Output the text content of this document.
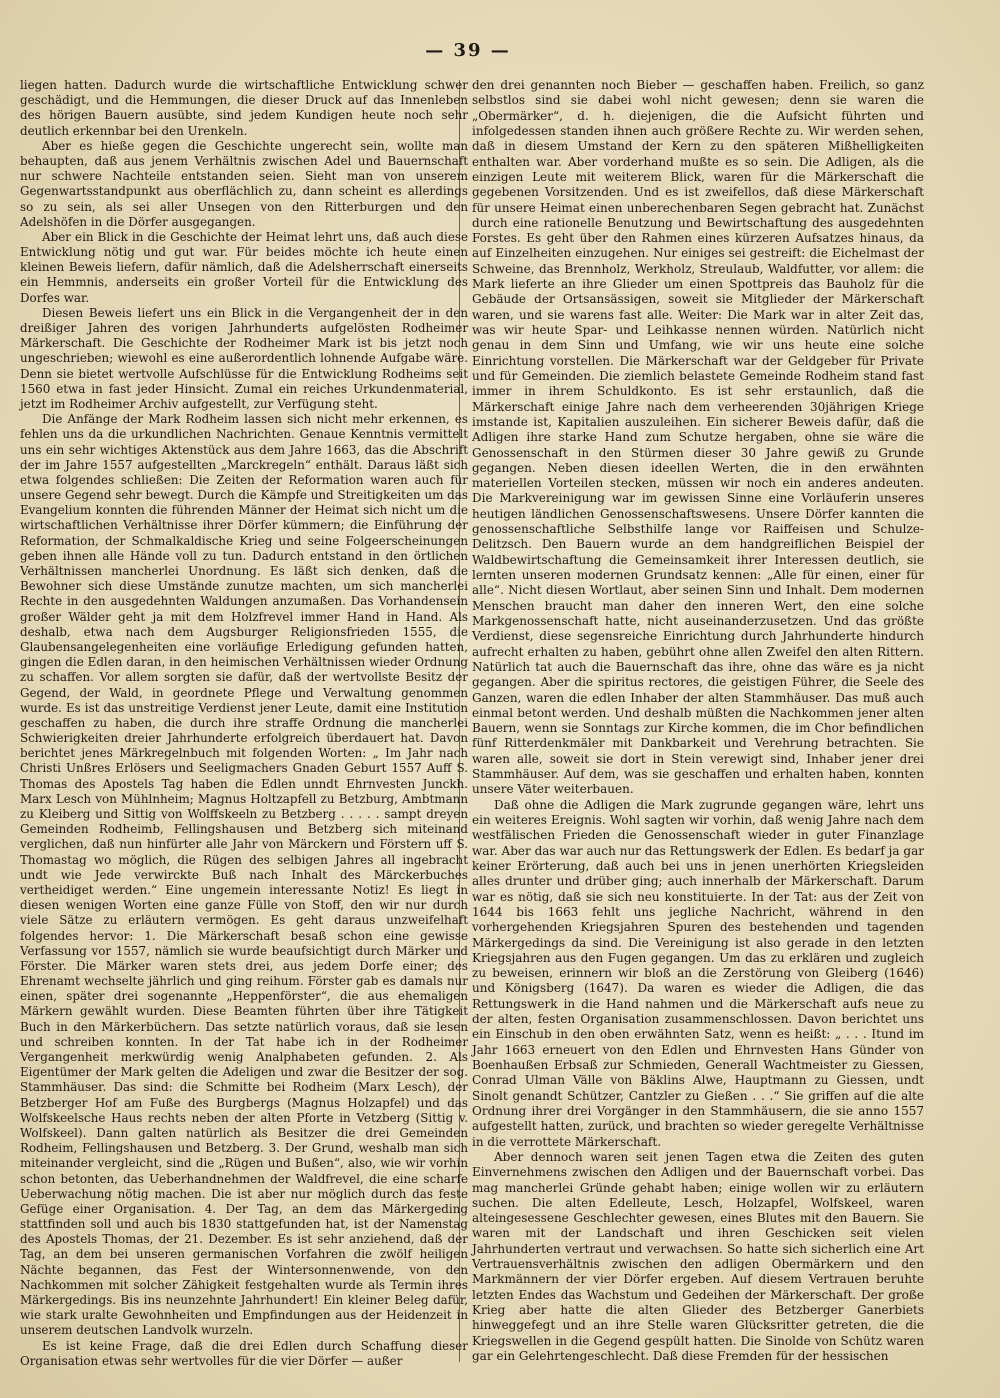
— 39 —

liegen hatten. Dadurch wurde die wirtschaftliche Entwicklung schwer geschädigt, und die Hemmungen, die dieser Druck auf das Innenleben des hörigen Bauern ausübte, sind jedem Kundigen heute noch sehr deutlich erkennbar bei den Urenkeln.

Aber es hieße gegen die Geschichte ungerecht sein, wollte man behaupten, daß aus jenem Verhältnis zwischen Adel und Bauernschaft nur schwere Nachteile entstanden seien. Sieht man von unserem Gegenwartsstandpunkt aus oberflächlich zu, dann scheint es allerdings so zu sein, als sei aller Unsegen von den Ritterburgen und den Adelshöfen in die Dörfer ausgegangen.

Aber ein Blick in die Geschichte der Heimat lehrt uns, daß auch diese Entwicklung nötig und gut war. Für beides möchte ich heute einen kleinen Beweis liefern, dafür nämlich, daß die Adelsherrschaft einerseits ein Hemmnis, anderseits ein großer Vorteil für die Entwicklung des Dorfes war.

Diesen Beweis liefert uns ein Blick in die Vergangenheit der in den dreißiger Jahren des vorigen Jahrhunderts aufgelösten Rodheimer Märkerschaft. Die Geschichte der Rodheimer Mark ist bis jetzt noch ungeschrieben; wiewohl es eine außerordentlich lohnende Aufgabe wäre. Denn sie bietet wertvolle Aufschlüsse für die Entwicklung Rodheims seit 1560 etwa in fast jeder Hinsicht. Zumal ein reiches Urkundenmaterial, jetzt im Rodheimer Archiv aufgestellt, zur Verfügung steht.

Die Anfänge der Mark Rodheim lassen sich nicht mehr erkennen, es fehlen uns da die urkundlichen Nachrichten. Genaue Kenntnis vermittelt uns ein sehr wichtiges Aktenstück aus dem Jahre 1663, das die Abschrift der im Jahre 1557 aufgestellten „Marckregeln“ enthält. Daraus läßt sich etwa folgendes schließen: Die Zeiten der Reformation waren auch für unsere Gegend sehr bewegt. Durch die Kämpfe und Streitigkeiten um das Evangelium konnten die führenden Männer der Heimat sich nicht um die wirtschaftlichen Verhältnisse ihrer Dörfer kümmern; die Einführung der Reformation, der Schmalkaldische Krieg und seine Folgeerscheinungen geben ihnen alle Hände voll zu tun. Dadurch entstand in den örtlichen Verhältnissen mancherlei Unordnung. Es läßt sich denken, daß die Bewohner sich diese Umstände zunutze machten, um sich mancherlei Rechte in den ausgedehnten Waldungen anzumaßen. Das Vorhandensein großer Wälder geht ja mit dem Holzfrevel immer Hand in Hand. Als deshalb, etwa nach dem Augsburger Religionsfrieden 1555, die Glaubensangelegenheiten eine vorläufige Erledigung gefunden hatten, gingen die Edlen daran, in den heimischen Verhältnissen wieder Ordnung zu schaffen. Vor allem sorgten sie dafür, daß der wertvollste Besitz der Gegend, der Wald, in geordnete Pflege und Verwaltung genommen wurde. Es ist das unstreitige Verdienst jener Leute, damit eine Institution geschaffen zu haben, die durch ihre straffe Ordnung die mancherlei Schwierigkeiten dreier Jahrhunderte erfolgreich überdauert hat. Davon berichtet jenes Märkregelnbuch mit folgenden Worten: „ Im Jahr nach Christi Unßres Erlösers und Seeligmachers Gnaden Geburt 1557 Auff S. Thomas des Apostels Tag haben die Edlen unndt Ehrnvesten Junckh. Marx Lesch von Mühlnheim; Magnus Holtzapfell zu Betzburg, Ambtmann zu Kleiberg und Sittig von Wolffskeeln zu Betzberg . . . . . sampt dreyen Gemeinden Rodheimb, Fellingshausen und Betzberg sich miteinand verglichen, daß nun hinfürter alle Jahr von Märckern und Förstern uff S. Thomastag wo möglich, die Rügen des selbigen Jahres all ingebracht undt wie Jede verwirckte Buß nach Inhalt des Märckerbuches vertheidiget werden.“ Eine ungemein interessante Notiz! Es liegt in diesen wenigen Worten eine ganze Fülle von Stoff, den wir nur durch viele Sätze zu erläutern vermögen. Es geht daraus unzweifelhaft folgendes hervor: 1. Die Märkerschaft besaß schon eine gewisse Verfassung vor 1557, nämlich sie wurde beaufsichtigt durch Märker und Förster. Die Märker waren stets drei, aus jedem Dorfe einer; des Ehrenamt wechselte jährlich und ging reihum. Förster gab es damals nur einen, später drei sogenannte „Heppenförster“, die aus ehemaligen Märkern gewählt wurden. Diese Beamten führten über ihre Tätigkeit Buch in den Märkerbüchern. Das setzte natürlich voraus, daß sie lesen und schreiben konnten. In der Tat habe ich in der Rodheimer Vergangenheit merkwürdig wenig Analphabeten gefunden. 2. Als Eigentümer der Mark gelten die Adeligen und zwar die Besitzer der sog. Stammhäuser. Das sind: die Schmitte bei Rodheim (Marx Lesch), der Betzberger Hof am Fuße des Burgbergs (Magnus Holzapfel) und das Wolfskeelsche Haus rechts neben der alten Pforte in Vetzberg (Sittig v. Wolfskeel). Dann galten natürlich als Besitzer die drei Gemeinden Rodheim, Fellingshausen und Betzberg. 3. Der Grund, weshalb man sich miteinander vergleicht, sind die „Rügen und Bußen“, also, wie wir vorhin schon betonten, das Ueberhandnehmen der Waldfrevel, die eine scharfe Ueberwachung nötig machen. Die ist aber nur möglich durch das feste Gefüge einer Organisation. 4. Der Tag, an dem das Märkergeding stattfinden soll und auch bis 1830 stattgefunden hat, ist der Namenstag des Apostels Thomas, der 21. Dezember. Es ist sehr anziehend, daß der Tag, an dem bei unseren germanischen Vorfahren die zwölf heiligen Nächte begannen, das Fest der Wintersonnenwende, von den Nachkommen mit solcher Zähigkeit festgehalten wurde als Termin ihres Märkergedings. Bis ins neunzehnte Jahrhundert! Ein kleiner Beleg dafür, wie stark uralte Gewohnheiten und Empfindungen aus der Heidenzeit in unserem deutschen Landvolk wurzeln.

Es ist keine Frage, daß die drei Edlen durch Schaffung dieser Organisation etwas sehr wertvolles für die vier Dörfer — außer

den drei genannten noch Bieber — geschaffen haben. Freilich, so ganz selbstlos sind sie dabei wohl nicht gewesen; denn sie waren die „Obermärker“, d. h. diejenigen, die die Aufsicht führten und infolgedessen standen ihnen auch größere Rechte zu. Wir werden sehen, daß in diesem Umstand der Kern zu den späteren Mißhelligkeiten enthalten war. Aber vorderhand mußte es so sein. Die Adligen, als die einzigen Leute mit weiterem Blick, waren für die Märkerschaft die gegebenen Vorsitzenden. Und es ist zweifellos, daß diese Märkerschaft für unsere Heimat einen unberechenbaren Segen gebracht hat. Zunächst durch eine rationelle Benutzung und Bewirtschaftung des ausgedehnten Forstes. Es geht über den Rahmen eines kürzeren Aufsatzes hinaus, da auf Einzelheiten einzugehen. Nur einiges sei gestreift: die Eichelmast der Schweine, das Brennholz, Werkholz, Streulaub, Waldfutter, vor allem: die Mark lieferte an ihre Glieder um einen Spottpreis das Bauholz für die Gebäude der Ortsansässigen, soweit sie Mitglieder der Märkerschaft waren, und sie warens fast alle. Weiter: Die Mark war in alter Zeit das, was wir heute Spar- und Leihkasse nennen würden. Natürlich nicht genau in dem Sinn und Umfang, wie wir uns heute eine solche Einrichtung vorstellen. Die Märkerschaft war der Geldgeber für Private und für Gemeinden. Die ziemlich belastete Gemeinde Rodheim stand fast immer in ihrem Schuldkonto. Es ist sehr erstaunlich, daß die Märkerschaft einige Jahre nach dem verheerenden 30jährigen Kriege imstande ist, Kapitalien auszuleihen. Ein sicherer Beweis dafür, daß die Adligen ihre starke Hand zum Schutze hergaben, ohne sie wäre die Genossenschaft in den Stürmen dieser 30 Jahre gewiß zu Grunde gegangen. Neben diesen ideellen Werten, die in den erwähnten materiellen Vorteilen stecken, müssen wir noch ein anderes andeuten. Die Markvereinigung war im gewissen Sinne eine Vorläuferin unseres heutigen ländlichen Genossenschaftswesens. Unsere Dörfer kannten die genossenschaftliche Selbsthilfe lange vor Raiffeisen und Schulze-Delitzsch. Den Bauern wurde an dem handgreiflichen Beispiel der Waldbewirtschaftung die Gemeinsamkeit ihrer Interessen deutlich, sie lernten unseren modernen Grundsatz kennen: „Alle für einen, einer für alle“. Nicht diesen Wortlaut, aber seinen Sinn und Inhalt. Dem modernen Menschen braucht man daher den inneren Wert, den eine solche Markgenossenschaft hatte, nicht auseinanderzusetzen. Und das größte Verdienst, diese segensreiche Einrichtung durch Jahrhunderte hindurch aufrecht erhalten zu haben, gebührt ohne allen Zweifel den alten Rittern. Natürlich tat auch die Bauernschaft das ihre, ohne das wäre es ja nicht gegangen. Aber die spiritus rectores, die geistigen Führer, die Seele des Ganzen, waren die edlen Inhaber der alten Stammhäuser. Das muß auch einmal betont werden. Und deshalb müßten die Nachkommen jener alten Bauern, wenn sie Sonntags zur Kirche kommen, die im Chor befindlichen fünf Ritterdenkmäler mit Dankbarkeit und Verehrung betrachten. Sie waren alle, soweit sie dort in Stein verewigt sind, Inhaber jener drei Stammhäuser. Auf dem, was sie geschaffen und erhalten haben, konnten unsere Väter weiterbauen.

Daß ohne die Adligen die Mark zugrunde gegangen wäre, lehrt uns ein weiteres Ereignis. Wohl sagten wir vorhin, daß wenig Jahre nach dem westfälischen Frieden die Genossenschaft wieder in guter Finanzlage war. Aber das war auch nur das Rettungswerk der Edlen. Es bedarf ja gar keiner Erörterung, daß auch bei uns in jenen unerhörten Kriegsleiden alles drunter und drüber ging; auch innerhalb der Märkerschaft. Darum war es nötig, daß sie sich neu konstituierte. In der Tat: aus der Zeit von 1644 bis 1663 fehlt uns jegliche Nachricht, während in den vorhergehenden Kriegsjahren Spuren des bestehenden und tagenden Märkergedings da sind. Die Vereinigung ist also gerade in den letzten Kriegsjahren aus den Fugen gegangen. Um das zu erklären und zugleich zu beweisen, erinnern wir bloß an die Zerstörung von Gleiberg (1646) und Königsberg (1647). Da waren es wieder die Adligen, die das Rettungswerk in die Hand nahmen und die Märkerschaft aufs neue zu der alten, festen Organisation zusammenschlossen. Davon berichtet uns ein Einschub in den oben erwähnten Satz, wenn es heißt: „ . . . Itund im Jahr 1663 erneuert von den Edlen und Ehrnvesten Hans Günder von Boenhaußen Erbsaß zur Schmieden, Generall Wachtmeister zu Giessen, Conrad Ulman Välle von Bäklins Alwe, Hauptmann zu Giessen, undt Sinolt genandt Schützer, Cantzler zu Gießen . . .“ Sie griffen auf die alte Ordnung ihrer drei Vorgänger in den Stammhäusern, die sie anno 1557 aufgestellt hatten, zurück, und brachten so wieder geregelte Verhältnisse in die verrottete Märkerschaft.

Aber dennoch waren seit jenen Tagen etwa die Zeiten des guten Einvernehmens zwischen den Adligen und der Bauernschaft vorbei. Das mag mancherlei Gründe gehabt haben; einige wollen wir zu erläutern suchen. Die alten Edelleute, Lesch, Holzapfel, Wolfskeel, waren alteingesessene Geschlechter gewesen, eines Blutes mit den Bauern. Sie waren mit der Landschaft und ihren Geschicken seit vielen Jahrhunderten vertraut und verwachsen. So hatte sich sicherlich eine Art Vertrauensverhältnis zwischen den adligen Obermärkern und den Markmännern der vier Dörfer ergeben. Auf diesem Vertrauen beruhte letzten Endes das Wachstum und Gedeihen der Märkerschaft. Der große Krieg aber hatte die alten Glieder des Betzberger Ganerbiets hinweggefegt und an ihre Stelle waren Glücksritter getreten, die die Kriegswellen in die Gegend gespült hatten. Die Sinolde von Schütz waren gar ein Gelehrtengeschlecht. Daß diese Fremden für der hessischen
